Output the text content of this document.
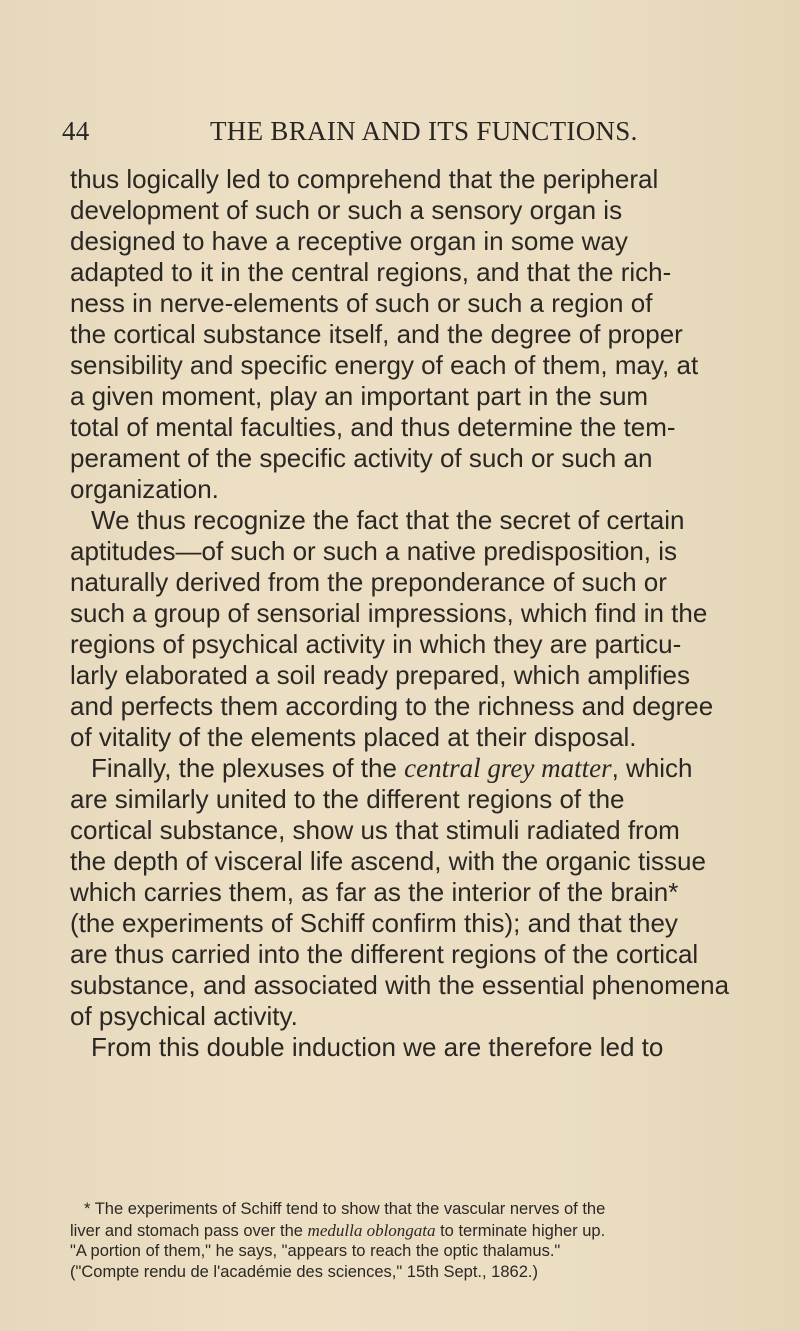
44	THE BRAIN AND ITS FUNCTIONS.
thus logically led to comprehend that the peripheral
development of such or such a sensory organ is
designed to have a receptive organ in some way
adapted to it in the central regions, and that the rich-
ness in nerve-elements of such or such a region of
the cortical substance itself, and the degree of proper
sensibility and specific energy of each of them, may, at
a given moment, play an important part in the sum
total of mental faculties, and thus determine the tem-
perament of the specific activity of such or such an
organization.
We thus recognize the fact that the secret of certain
aptitudes—of such or such a native predisposition, is
naturally derived from the preponderance of such or
such a group of sensorial impressions, which find in the
regions of psychical activity in which they are particu-
larly elaborated a soil ready prepared, which amplifies
and perfects them according to the richness and degree
of vitality of the elements placed at their disposal.
Finally, the plexuses of the central grey matter, which
are similarly united to the different regions of the
cortical substance, show us that stimuli radiated from
the depth of visceral life ascend, with the organic tissue
which carries them, as far as the interior of the brain*
(the experiments of Schiff confirm this); and that they
are thus carried into the different regions of the cortical
substance, and associated with the essential phenomena
of psychical activity.
From this double induction we are therefore led to
* The experiments of Schiff tend to show that the vascular nerves of the
liver and stomach pass over the medulla oblongata to terminate higher up.
"A portion of them," he says, "appears to reach the optic thalamus."
("Compte rendu de l'académie des sciences," 15th Sept., 1862.)
